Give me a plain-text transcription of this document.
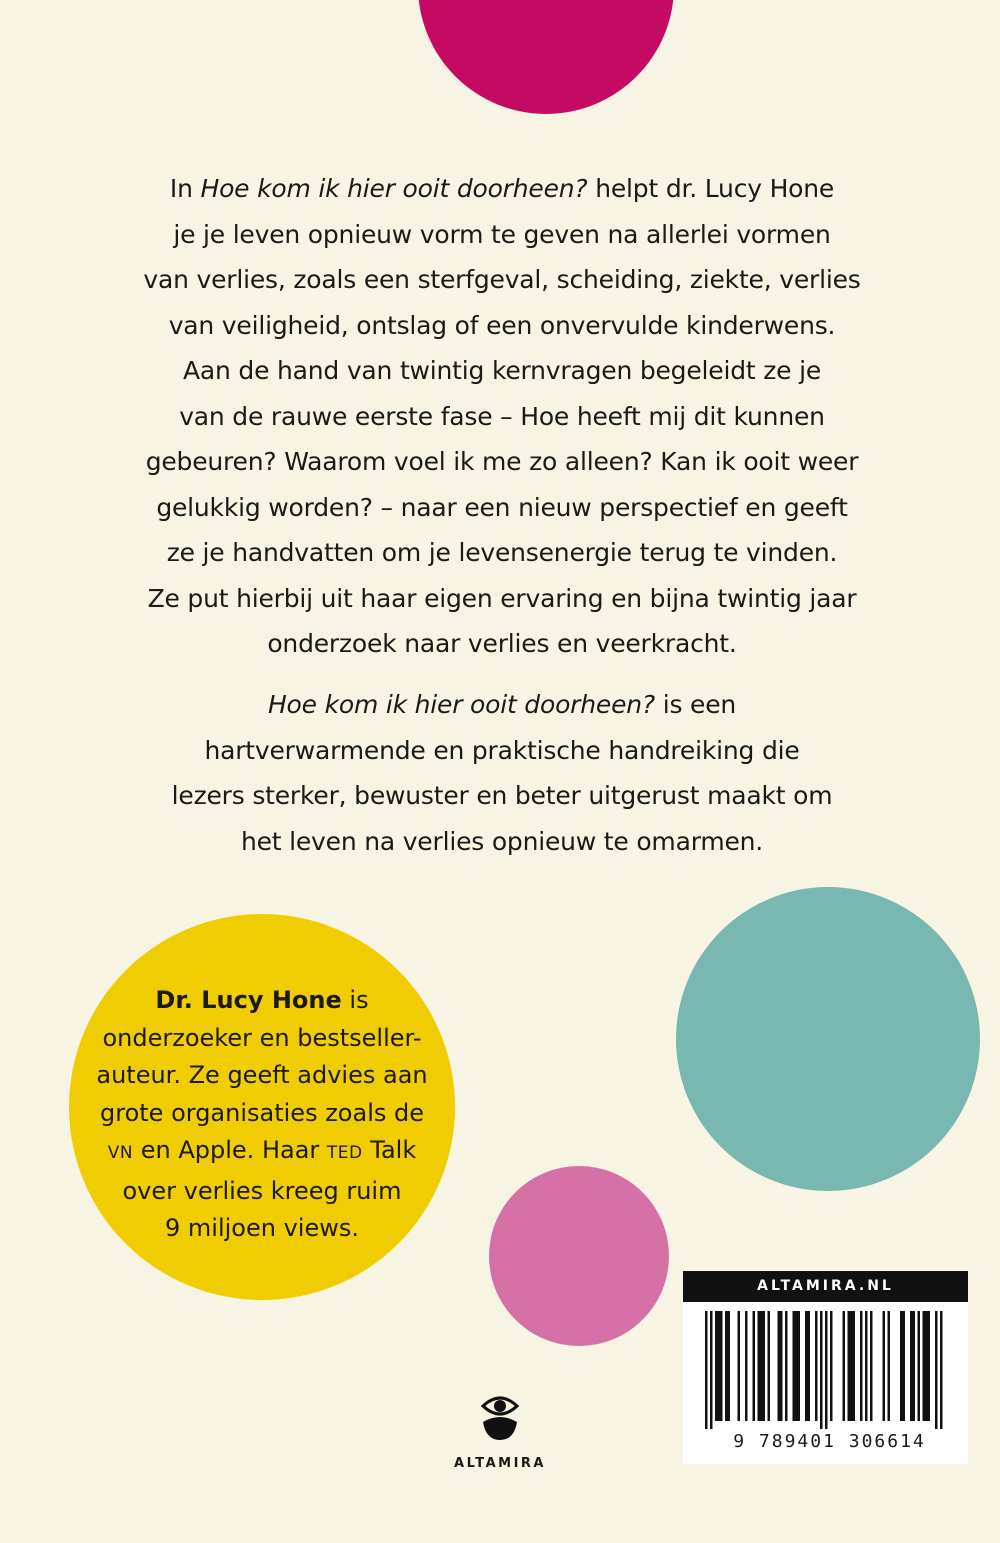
In Hoe kom ik hier ooit doorheen? helpt dr. Lucy Hone
je je leven opnieuw vorm te geven na allerlei vormen
van verlies, zoals een sterfgeval, scheiding, ziekte, verlies
van veiligheid, ontslag of een onvervulde kinderwens.
Aan de hand van twintig kernvragen begeleidt ze je
van de rauwe eerste fase – Hoe heeft mij dit kunnen
gebeuren? Waarom voel ik me zo alleen? Kan ik ooit weer
gelukkig worden? – naar een nieuw perspectief en geeft
ze je handvatten om je levensenergie terug te vinden.
Ze put hierbij uit haar eigen ervaring en bijna twintig jaar
onderzoek naar verlies en veerkracht.

Hoe kom ik hier ooit doorheen? is een
hartverwarmende en praktische handreiking die
lezers sterker, bewuster en beter uitgerust maakt om
het leven na verlies opnieuw te omarmen.

Dr. Lucy Hone is
onderzoeker en bestseller-
auteur. Ze geeft advies aan
grote organisaties zoals de
VN en Apple. Haar TED Talk
over verlies kreeg ruim
9 miljoen views.

ALTAMIRA
ALTAMIRA.NL
9 789401 306614
